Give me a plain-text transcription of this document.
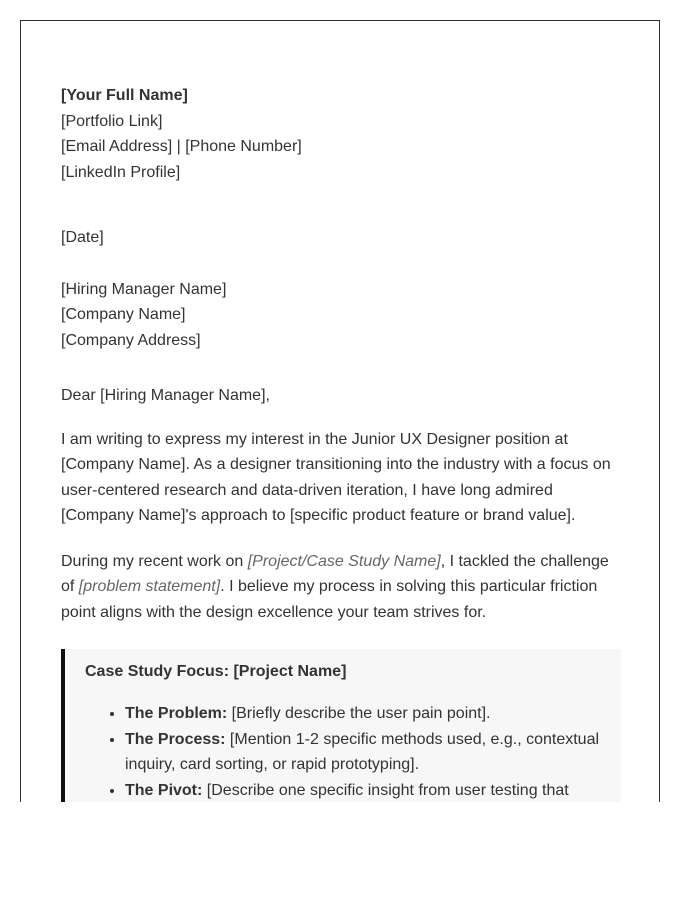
[Your Full Name]
[Portfolio Link]
[Email Address] | [Phone Number]
[LinkedIn Profile]
[Date]
[Hiring Manager Name]
[Company Name]
[Company Address]
Dear [Hiring Manager Name],

I am writing to express my interest in the Junior UX Designer position at [Company Name]. As a designer transitioning into the industry with a focus on user-centered research and data-driven iteration, I have long admired [Company Name]'s approach to [specific product feature or brand value].

During my recent work on [Project/Case Study Name], I tackled the challenge of [problem statement]. I believe my process in solving this particular friction point aligns with the design excellence your team strives for.

Case Study Focus: [Project Name]

• The Problem: [Briefly describe the user pain point].
• The Process: [Mention 1-2 specific methods used, e.g., contextual inquiry, card sorting, or rapid prototyping].
• The Pivot: [Describe one specific insight from user testing that
